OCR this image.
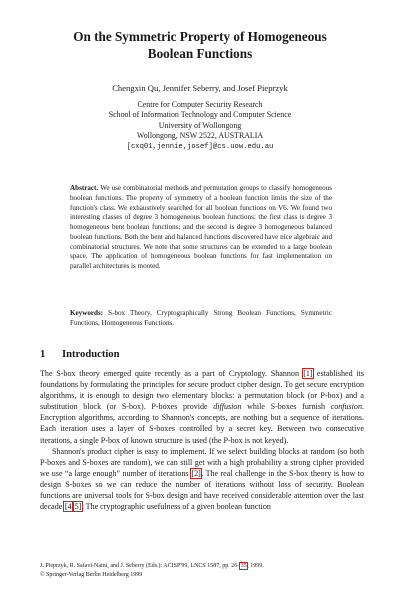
On the Symmetric Property of Homogeneous
Boolean Functions
Chengxin Qu, Jennifer Seberry, and Josef Pieprzyk
Centre for Computer Security Research
School of Information Technology and Computer Science
University of Wollongong
Wollongong, NSW 2522, AUSTRALIA
[cxq01,jennie,josef]@cs.uow.edu.au
Abstract. We use combinatorial methods and permutation groups to classify homogeneous boolean functions. The property of symmetry of a boolean function limits the size of the function's class. We exhaustively searched for all boolean functions on V6. We found two interesting classes of degree 3 homogeneous boolean functions: the first class is degree 3 homogeneous bent boolean functions; and the second is degree 3 homogeneous balanced boolean functions. Both the bent and balanced functions discovered have nice algebraic and combinatorial structures. We note that some structures can be extended to a large boolean space. The application of homogeneous boolean functions for fast implementation on parallel architectures is mooted.
Keywords: S-box Theory, Cryptographically Strong Boolean Functions, Symmetric Functions, Homogeneous Functions.
1 Introduction

The S-box theory emerged quite recently as a part of Cryptology. Shannon [1] established its foundations by formulating the principles for secure product cipher design. To get secure encryption algorithms, it is enough to design two elementary blocks: a permutation block (or P-box) and a substitution block (or S-box). P-boxes provide diffusion while S-boxes furnish confusion. Encryption algorithms, according to Shannon's concepts, are nothing but a sequence of iterations. Each iteration uses a layer of S-boxes controlled by a secret key. Between two consecutive iterations, a single P-box of known structure is used (the P-box is not keyed).

Shannon's product cipher is easy to implement. If we select building blocks at random (so both P-boxes and S-boxes are random), we can still get with a high probability a strong cipher provided we use “a large enough” number of iterations [2]. The real challenge in the S-box theory is how to design S-boxes so we can reduce the number of iterations without loss of security. Boolean functions are universal tools for S-box design and have received considerable attention over the last decade [4,5]. The cryptographic usefulness of a given boolean function

J. Pieprzyk, R. Safavi-Naini, and J. Seberry (Eds.): ACISP'99, LNCS 1587, pp. 26–35, 1999.
© Springer-Verlag Berlin Heidelberg 1999
